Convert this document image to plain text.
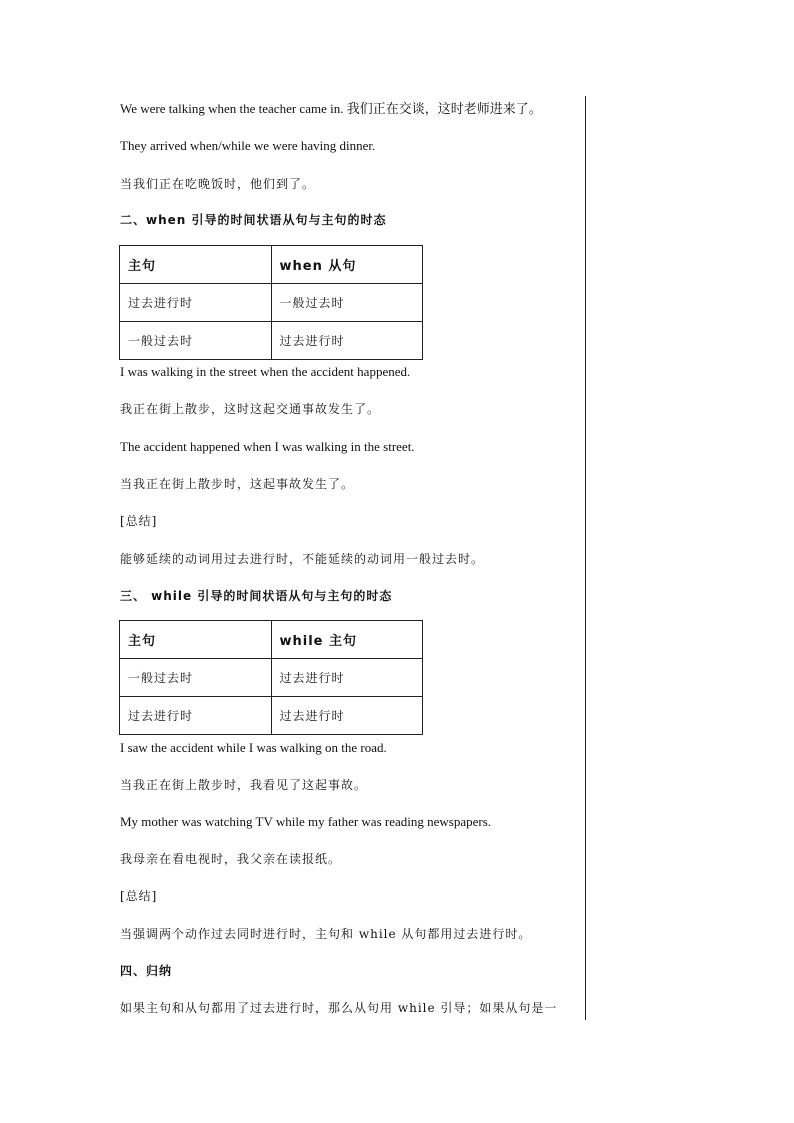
We were talking when the teacher came in. 我们正在交谈，这时老师进来了。
They arrived when/while we were having dinner.
当我们正在吃晚饭时，他们到了。
二、when 引导的时间状语从句与主句的时态
主句	when 从句
过去进行时	一般过去时
一般过去时	过去进行时
I was walking in the street when the accident happened.
我正在街上散步，这时这起交通事故发生了。
The accident happened when I was walking in the street.
当我正在街上散步时，这起事故发生了。
[总结]
能够延续的动词用过去进行时，不能延续的动词用一般过去时。
三、 while 引导的时间状语从句与主句的时态
主句	while 主句
一般过去时	过去进行时
过去进行时	过去进行时
I saw the accident while I was walking on the road.
当我正在街上散步时，我看见了这起事故。
My mother was watching TV while my father was reading newspapers.
我母亲在看电视时，我父亲在读报纸。
[总结]
当强调两个动作过去同时进行时，主句和 while 从句都用过去进行时。
四、归纳
如果主句和从句都用了过去进行时，那么从句用 while 引导；如果从句是一
